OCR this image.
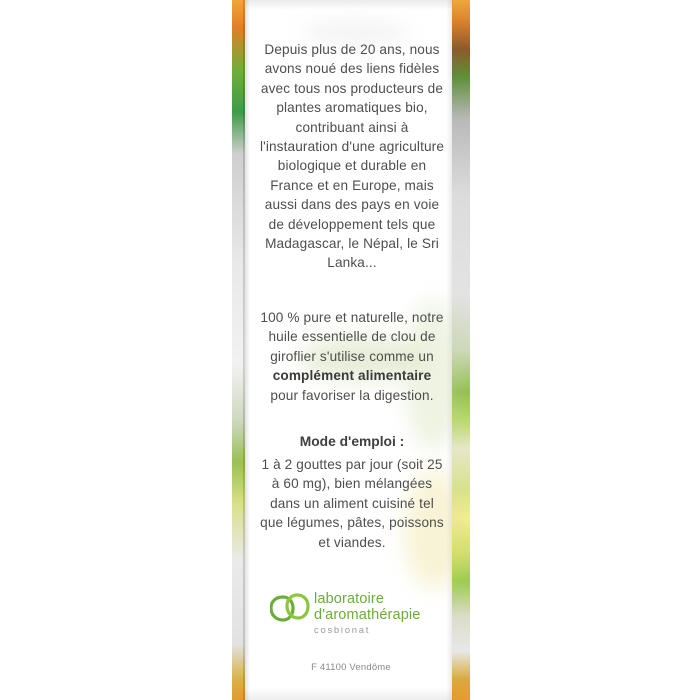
Depuis plus de 20 ans, nous avons noué des liens fidèles avec tous nos producteurs de plantes aromatiques bio, contribuant ainsi à l'instauration d'une agriculture biologique et durable en France et en Europe, mais aussi dans des pays en voie de développement tels que Madagascar, le Népal, le Sri Lanka...

100 % pure et naturelle, notre huile essentielle de clou de giroflier s'utilise comme un complément alimentaire pour favoriser la digestion.

Mode d'emploi :

1 à 2 gouttes par jour (soit 25 à 60 mg), bien mélangées dans un aliment cuisiné tel que légumes, pâtes, poissons et viandes.

laboratoire
d'aromathérapie
cosbionat
F 41100 Vendôme
